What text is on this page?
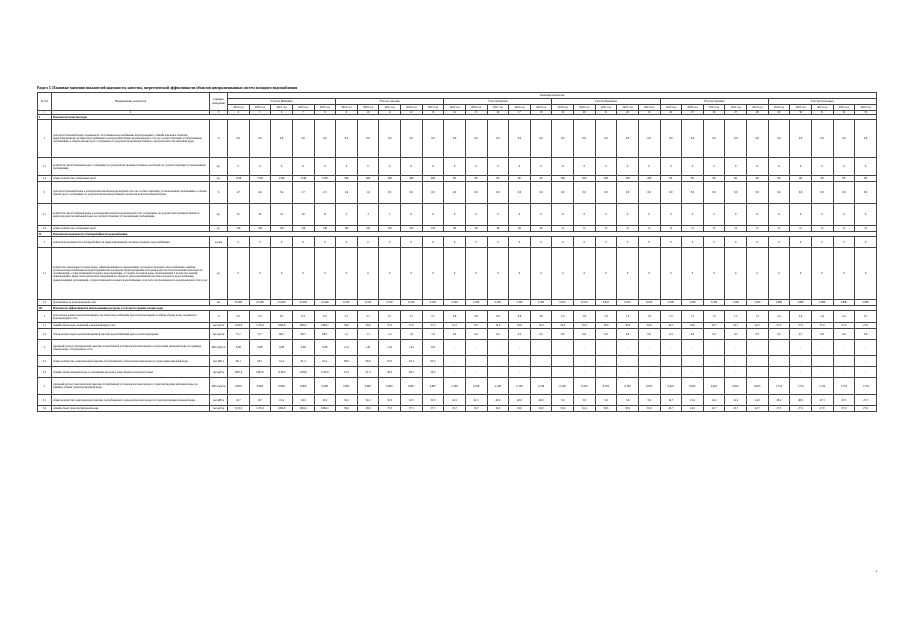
Раздел 5. Плановые значения показателей надежности, качества, энергетической эффективности объектов централизованных систем холодного водоснабжения
№ п/п	Наименование показателя	Единица измерения	Значения показателя																													
			Участок Вишнёвое					Участок Акосёво					Участок Пащерё					Участок Вешарёво					Участок Ореннев					Участок Островное				
			2019 год	2020 год	2021 год	2022 год	2023 год	2019 год	2020 год	2021 год	2022 год	2023 год	2019 год	2020 год	2021 год	2022 год	2023 год	2019 год	2020 год	2021 год	2022 год	2023 год	2019 год	2020 год	2021 год	2022 год	2023 год	2019 год	2020 год	2021 год	2022 год	2023 год
1	2	3	4	5	6	7	8	9	10	11	12	13	14	15	16	17	18	19	20	21	22	23	24	25	26	27	28	29	30	31	32	33
I	Показатели качества воды																															
1	доля проб питьевой воды, подаваемой с источников водоснабжения, водопроводных станций или иных объектов централизованной системы водоснабжения в распределительную водопроводную сеть, не соответствующих установленным требованиям, в общем объеме проб, отобранных по результатам производственного контроля качества питьевой воды	%	0,0	0,0	0,0	0,0	0,0	0,0	0,0	0,0	0,0	0,0	0,0	0,0	0,0	0,0	0,0	0,0	0,0	0,0	0,0	0,0	0,0	0,0	0,0	0,0	0,0	0,0	0,0	0,0	0,0	0,0
1.1	количество проб питьевой воды, отобранных по результатам производственного контроля, не соответствующих установленным требованиям	ед.	0	0	0	0	0	0	0	0	0	0	0	0	0	0	0	0	0	0	0	0	0	0	0	0	0	0	0	0	0	0
1.2	общее количество отобранных проб	ед.	1348	1348	1348	1348	1348	469	469	469	469	469	80	80	80	80	80	200	200	200	200	200	80	80	80	80	80	68	68	68	68	68
2	доля проб питьевой воды в распределительной водопроводной сети, не соответствующих установленным требованиям, в общем объеме проб, отобранных по результатам производственного контроля качества питьевой воды	%	4,7	4,9	3,4	2,7	2,3	1,6	1,6	0,5	0,0	0,0	0,0	0,0	0,0	0,0	0,0	0,0	0,0	0,0	0,0	0,0	0,0	0,0	0,0	0,0	0,0	0,0	0,0	0,0	0,0	0,0
2.1	количество проб питьевой воды в распределительной водопроводной сети, отобранных по результатам производственного контроля качества питьевой воды, не соответствующих установленным требованиям	ед.	35	36	25	20	15	3	3	1	0	0	0	0	0	0	0	0	0	0	0	0	0	0	0	0	0	0	0	0	0	0
2.2	общее количество отобранных проб	ед.	746	746	746	746	746	192	192	192	192	192	48	48	48	48	48	72	72	72	72	72	72	72	72	72	72	72	72	72	72	72
II	Показатели надежности и бесперебойности водоснабжения																															
1	показатель надежности и бесперебойности централизованной системы холодного водоснабжения	ед./км	0	0	0	0	0	0	0	0	0	0	0	0	0	0	0	0	0	0	0	0	0	0	0	0	0	0	0	0	0	0
1.1	количество перерывов в подаче воды, зафиксированных в определенных договором холодного водоснабжения, единым договором водоснабжения и водоотведения или договором транспортировки холодной воды местах исполнения обязательств организацией, осуществляющей холодное водоснабжение, по подаче холодной воды, произошедших в результате аварий, повреждений и иных технологических нарушений на объектах централизованной системы холодного водоснабжения, принадлежащих организации, осуществляющей холодное водоснабжение, в расчете на протяженность водопроводной сети в год	ед.	0	0	0	0	0	0	0	0	0	0	0	0	0	0	0	0	0	0	0	0	0	0	0	0	0	0	0	0	0	0
1.2	протяженность водопроводной сети	км	23,400	23,400	23,400	23,400	23,400	6,320	6,320	6,320	6,320	6,320	2,390	2,390	2,390	2,390	2,390	6,910	6,910	6,910	6,910	6,910	3,390	3,390	3,390	3,390	3,390	2,880	2,880	2,880	2,880	2,880
III	Показатели эффективности использования ресурсов, в том числе уровень потерь воды																															
1	доля потерь воды в централизованных системах водоснабжения при транспортировке в общем объеме воды, поданной в водопроводную сеть	%	6,3	6,3	6,3	6,3	6,3	2,7	2,7	2,7	2,7	2,7	0,8	0,8	0,8	0,8	0,8	1,9	1,9	1,9	1,9	1,9	1,5	1,5	1,5	1,5	1,5	2,4	2,4	2,4	2,4	2,5
1.1	общий объем воды, поданной в водопроводную сеть	тыс.куб.м	1135,9	1135,9	1094,8	1094,1	1084,1	39,6	39,6	37,5	37,5	37,5	19,7	19,7	19,0	19,0	19,0	32,6	32,4	30,6	30,6	30,6	26,7	24,6	22,7	22,7	22,7	27,5	27,5	27,0	27,0	27,0
1.2	объем потерь воды в централизованной системе водоснабжения при ее транспортировке	тыс.куб.м	71,7	71,7	68,5	68,5	68,5	1,1	1,1	1,0	1,0	1,0	0,2	0,2	0,2	0,2	0,2	0,6	0,6	0,6	0,6	0,6	0,4	0,4	0,3	0,3	0,3	0,7	0,7	0,6	0,6	0,6
2	удельный расход электрической энергии, потребляемой в технологическом процессе подготовки питьевой воды, на единицу объема воды, отпускаемой в сеть	кВт.ч/куб.м	9,08	0,88	0,08	0,88	0,08	1,61	1,61	1,61	1,61	1,61	-	-	-	-	-	-	-	-	-	-	-	-	-	-	-	-	-	-	-	-
2.1	общее количество электрической энергии, потребляемой в технологическом процессе подготовки питьевой воды	тыс.кВт.ч	96,1	96,1	91,4	91,4	91,4	98,6	96,0	93,3	93,3	93,3	-	-	-	-	-	-	-	-	-	-	-	-	-	-	-	-	-	-	-	-
2.2	общий объем питьевой воды, в отношении которой осуществляется водоподготовка	тыс.куб.м	1087,4	1087,0	1136,0	1129,0	1136,0	41,3	41,3	39,3	39,3	39,3	-	-	-	-	-	-	-	-	-	-	-	-	-	-	-	-	-	-	-	-
3	удельный расход электрической энергии, потребляемой в технологическом процессе транспортировки питьевой воды, на единицу объема транспортируемой воды	кВт.ч/куб.м	0,009	0,009	0,009	0,009	0,009	0,867	0,867	0,867	0,867	0,867	2,108	2,108	2,108	2,108	2,108	0,183	0,183	0,183	0,183	0,183	0,625	0,625	0,625	0,625	0,625	1,754	1,754	1,754	1,754	1,754
3.1	общее количество электрической энергии, потребляемой в технологическом процессе транспортировки питьевой воды	тыс.кВт.ч	10,7	10,7	10,2	10,2	10,2	34,3	34,3	32,5	32,5	32,5	41,5	41,5	40,0	40,0	40,0	5,9	5,9	5,6	5,6	5,6	16,7	15,4	14,2	14,2	14,2	48,2	48,2	47,3	47,3	47,3
3.2	общий объем транспортируемой воды	тыс.куб.м	1135,9	1135,9	1094,8	1094,1	1084,1	39,6	39,6	37,5	37,5	37,5	19,7	19,7	19,0	19,0	19,0	32,6	32,4	30,6	30,6	30,6	26,7	24,6	22,7	22,7	22,7	27,5	27,5	27,0	27,0	27,0
4
